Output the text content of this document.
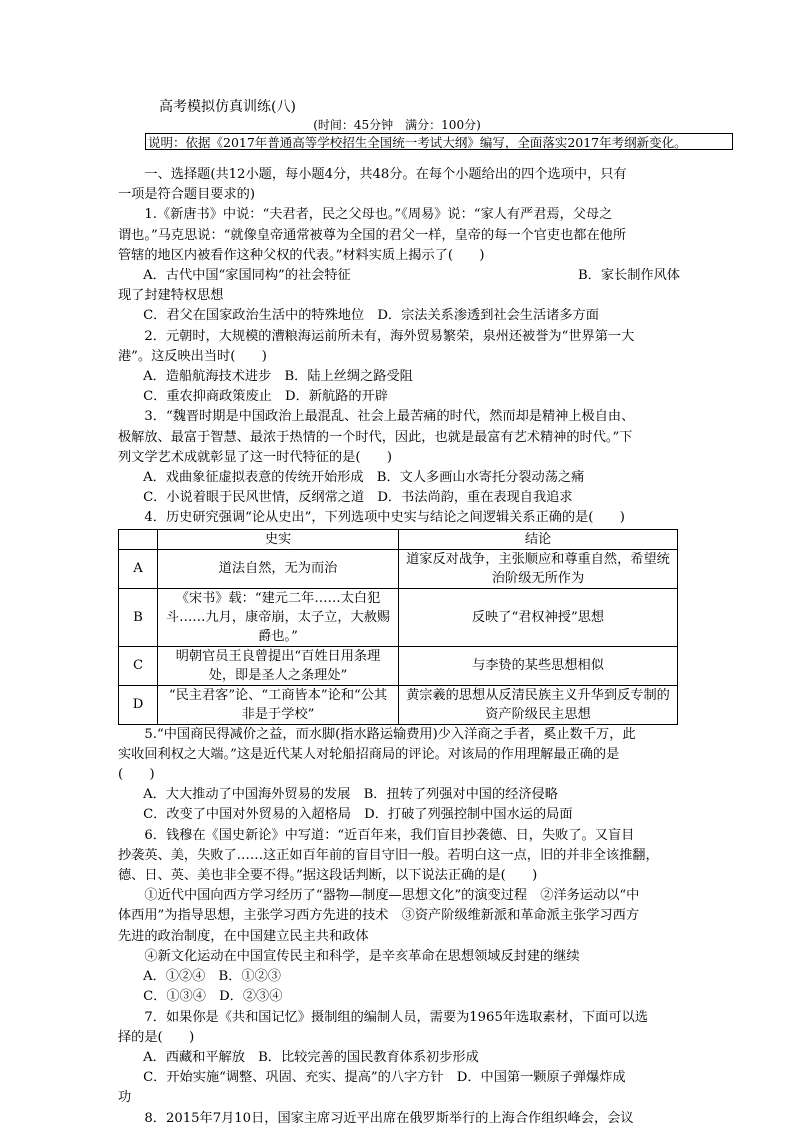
高考模拟仿真训练(八)
(时间：45分钟　满分：100分)
说明：依据《2017年普通高等学校招生全国统一考试大纲》编写，全面落实2017年考纲新变化。

一、选择题(共12小题，每小题4分，共48分。在每个小题给出的四个选项中，只有

一项是符合题目要求的)

1.《新唐书》中说：“夫君者，民之父母也。”《周易》说：“家人有严君焉，父母之

谓也。”马克思说：“就像皇帝通常被尊为全国的君父一样，皇帝的每一个官吏也都在他所

管辖的地区内被看作这种父权的代表。”材料实质上揭示了(　　)

A．古代中国“家国同构”的社会特征	B．家长制作风体

现了封建特权思想

C．君父在国家政治生活中的特殊地位　D．宗法关系渗透到社会生活诸多方面

2．元朝时，大规模的漕粮海运前所未有，海外贸易繁荣，泉州还被誉为“世界第一大

港”。这反映出当时(　　)

A．造船航海技术进步　B．陆上丝绸之路受阻

C．重农抑商政策废止　D．新航路的开辟

3．“魏晋时期是中国政治上最混乱、社会上最苦痛的时代，然而却是精神上极自由、

极解放、最富于智慧、最浓于热情的一个时代，因此，也就是最富有艺术精神的时代。”下

列文学艺术成就彰显了这一时代特征的是(　　)

A．戏曲象征虚拟表意的传统开始形成　B．文人多画山水寄托分裂动荡之痛

C．小说着眼于民风世情，反纲常之道　D．书法尚韵，重在表现自我追求

4．历史研究强调“论从史出”，下列选项中史实与结论之间逻辑关系正确的是(　　)

	史实	结论
A	道法自然，无为而治	道家反对战争，主张顺应和尊重自然，希望统治阶级无所作为
B	《宋书》载：“建元二年……太白犯斗……九月，康帝崩，太子立，大赦赐爵也。”	反映了“君权神授”思想
C	明朝官员王良曾提出“百姓日用条理处，即是圣人之条理处”	与李贽的某些思想相似
D	“民主君客”论、“工商皆本”论和“公其非是于学校”	黄宗羲的思想从反清民族主义升华到反专制的资产阶级民主思想

5.“中国商民得减价之益，而水脚(指水路运输费用)少入洋商之手者，奚止数千万，此

实收回利权之大端。”这是近代某人对轮船招商局的评论。对该局的作用理解最正确的是

(　　)

A．大大推动了中国海外贸易的发展　B．扭转了列强对中国的经济侵略

C．改变了中国对外贸易的入超格局　D．打破了列强控制中国水运的局面

6．钱穆在《国史新论》中写道：“近百年来，我们盲目抄袭德、日，失败了。又盲目

抄袭英、美，失败了……这正如百年前的盲目守旧一般。若明白这一点，旧的并非全该推翻，

德、日、英、美也非全要不得。”据这段话判断，以下说法正确的是(　　)

①近代中国向西方学习经历了“器物—制度—思想文化”的演变过程　②洋务运动以“中

体西用”为指导思想，主张学习西方先进的技术　③资产阶级维新派和革命派主张学习西方

先进的政治制度，在中国建立民主共和政体

④新文化运动在中国宣传民主和科学，是辛亥革命在思想领域反封建的继续

A．①②④　B．①②③

C．①③④　D．②③④

7．如果你是《共和国记忆》摄制组的编制人员，需要为1965年选取素材，下面可以选

择的是(　　)

A．西藏和平解放　B．比较完善的国民教育体系初步形成

C．开始实施“调整、巩固、充实、提高”的八字方针　D．中国第一颗原子弹爆炸成

功

8．2015年7月10日，国家主席习近平出席在俄罗斯举行的上海合作组织峰会，会议
